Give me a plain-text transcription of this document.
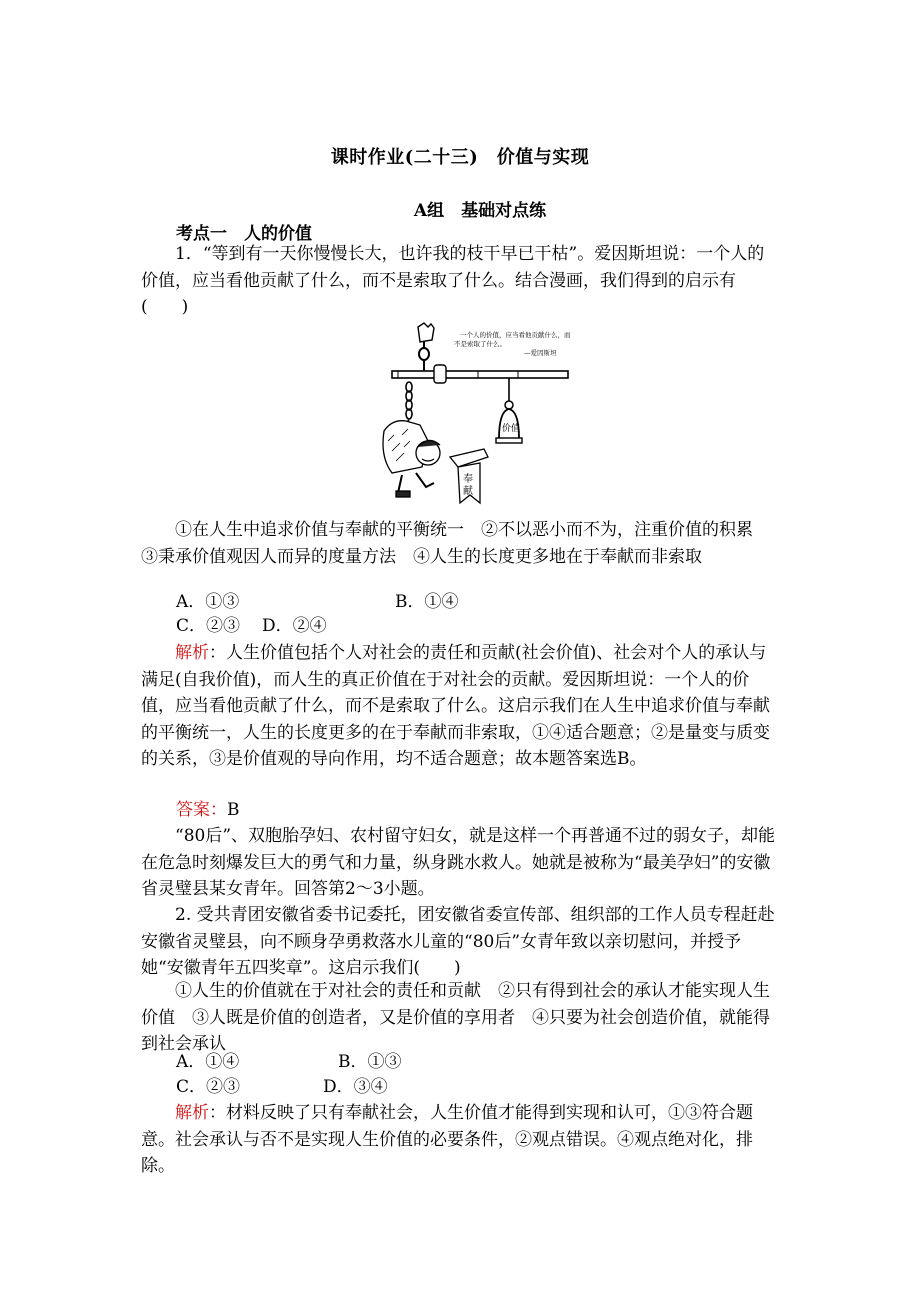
课时作业(二十三)　价值与实现
A组　基础对点练
考点一　人的价值
1．“等到有一天你慢慢长大，也许我的枝干早已干枯”。爱因斯坦说：一个人的价值，应当看他贡献了什么，而不是索取了什么。结合漫画，我们得到的启示有(　　)
一个人的价值，应当看他贡献什么，而 不是索取了什么。
—爱因斯坦
价值
奉 献
①在人生中追求价值与奉献的平衡统一　②不以恶小而不为，注重价值的积累　③秉承价值观因人而异的度量方法　④人生的长度更多地在于奉献而非索取
A．①③	B．①④
C．②③ D．②④
解析：人生价值包括个人对社会的责任和贡献(社会价值)、社会对个人的承认与满足(自我价值)，而人生的真正价值在于对社会的贡献。爱因斯坦说：一个人的价值，应当看他贡献了什么，而不是索取了什么。这启示我们在人生中追求价值与奉献的平衡统一，人生的长度更多的在于奉献而非索取，①④适合题意；②是量变与质变的关系，③是价值观的导向作用，均不适合题意；故本题答案选B。
答案：B
“80后”、双胞胎孕妇、农村留守妇女，就是这样一个再普通不过的弱女子，却能在危急时刻爆发巨大的勇气和力量，纵身跳水救人。她就是被称为“最美孕妇”的安徽省灵璧县某女青年。回答第2～3小题。
2. 受共青团安徽省委书记委托，团安徽省委宣传部、组织部的工作人员专程赶赴安徽省灵璧县，向不顾身孕勇救落水儿童的“80后”女青年致以亲切慰问，并授予她“安徽青年五四奖章”。这启示我们(　　)
①人生的价值就在于对社会的责任和贡献　②只有得到社会的承认才能实现人生价值　③人既是价值的创造者，又是价值的享用者　④只要为社会创造价值，就能得到社会承认
A．①④	B．①③
C．②③	D．③④
解析：材料反映了只有奉献社会，人生价值才能得到实现和认可，①③符合题意。社会承认与否不是实现人生价值的必要条件，②观点错误。④观点绝对化，排除。
